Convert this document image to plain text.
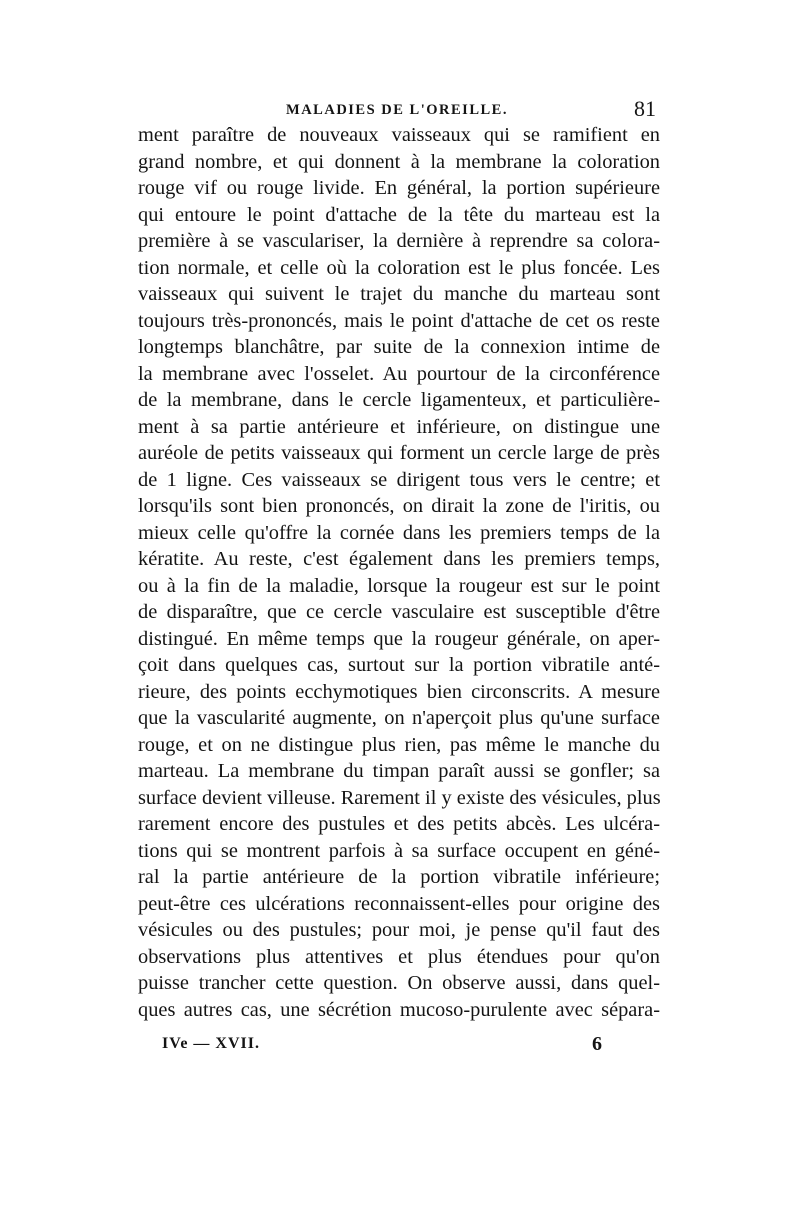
MALADIES DE L'OREILLE.	81
ment paraître de nouveaux vaisseaux qui se ramifient en
grand nombre, et qui donnent à la membrane la coloration
rouge vif ou rouge livide. En général, la portion supérieure
qui entoure le point d'attache de la tête du marteau est la
première à se vasculariser, la dernière à reprendre sa colora-
tion normale, et celle où la coloration est le plus foncée. Les
vaisseaux qui suivent le trajet du manche du marteau sont
toujours très-prononcés, mais le point d'attache de cet os reste
longtemps blanchâtre, par suite de la connexion intime de
la membrane avec l'osselet. Au pourtour de la circonférence
de la membrane, dans le cercle ligamenteux, et particulière-
ment à sa partie antérieure et inférieure, on distingue une
auréole de petits vaisseaux qui forment un cercle large de près
de 1 ligne. Ces vaisseaux se dirigent tous vers le centre; et
lorsqu'ils sont bien prononcés, on dirait la zone de l'iritis, ou
mieux celle qu'offre la cornée dans les premiers temps de la
kératite. Au reste, c'est également dans les premiers temps,
ou à la fin de la maladie, lorsque la rougeur est sur le point
de disparaître, que ce cercle vasculaire est susceptible d'être
distingué. En même temps que la rougeur générale, on aper-
çoit dans quelques cas, surtout sur la portion vibratile anté-
rieure, des points ecchymotiques bien circonscrits. A mesure
que la vascularité augmente, on n'aperçoit plus qu'une surface
rouge, et on ne distingue plus rien, pas même le manche du
marteau. La membrane du timpan paraît aussi se gonfler; sa
surface devient villeuse. Rarement il y existe des vésicules, plus
rarement encore des pustules et des petits abcès. Les ulcéra-
tions qui se montrent parfois à sa surface occupent en géné-
ral la partie antérieure de la portion vibratile inférieure;
peut-être ces ulcérations reconnaissent-elles pour origine des
vésicules ou des pustules; pour moi, je pense qu'il faut des
observations plus attentives et plus étendues pour qu'on
puisse trancher cette question. On observe aussi, dans quel-
ques autres cas, une sécrétion mucoso-purulente avec sépara-
IVe — XVII.	6
